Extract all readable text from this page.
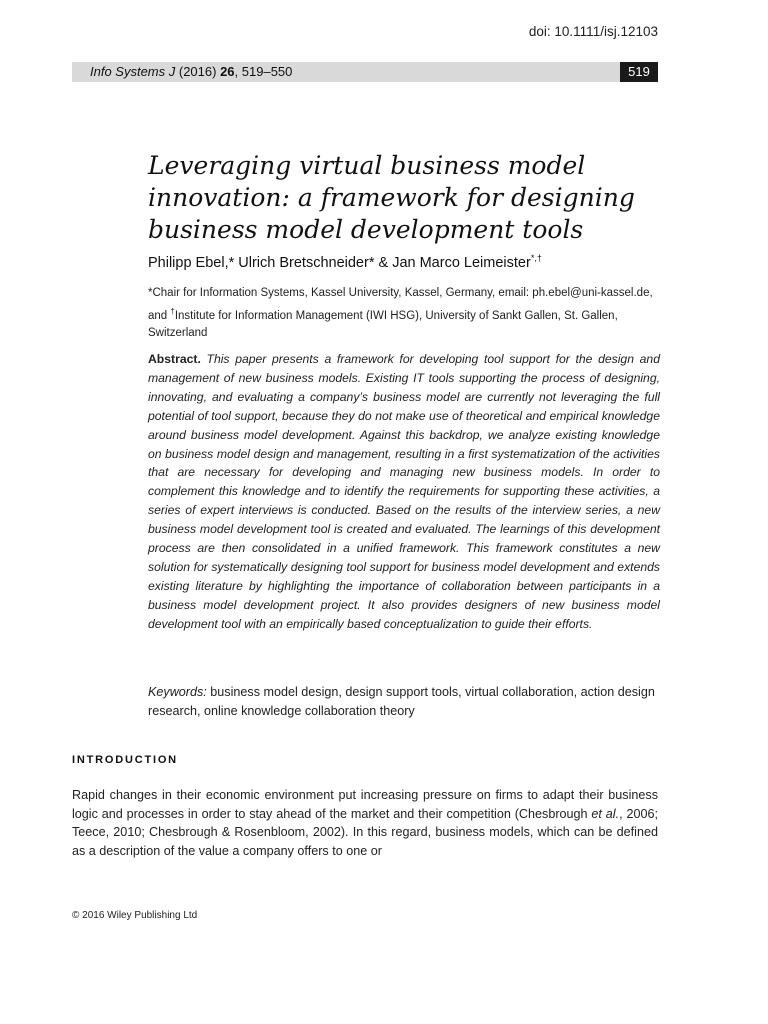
doi: 10.1111/isj.12103
Info Systems J (2016) 26, 519–550	519
Leveraging virtual business model
innovation: a framework for designing
business model development tools
Philipp Ebel,* Ulrich Bretschneider* & Jan Marco Leimeister*,†
*Chair for Information Systems, Kassel University, Kassel, Germany, email: ph.ebel@uni-kassel.de, and †Institute for Information Management (IWI HSG), University of Sankt Gallen, St. Gallen, Switzerland

Abstract. This paper presents a framework for developing tool support for the design and management of new business models. Existing IT tools supporting the process of designing, innovating, and evaluating a company’s business model are currently not leveraging the full potential of tool support, because they do not make use of theoretical and empirical knowledge around business model development. Against this backdrop, we analyze existing knowledge on business model design and management, resulting in a first systematization of the activities that are necessary for developing and managing new business models. In order to complement this knowledge and to identify the requirements for supporting these activities, a series of expert interviews is conducted. Based on the results of the interview series, a new business model development tool is created and evaluated. The learnings of this development process are then consolidated in a unified framework. This framework constitutes a new solution for systematically designing tool support for business model development and extends existing literature by highlighting the importance of collaboration between participants in a business model development project. It also provides designers of new business model development tool with an empirically based conceptualization to guide their efforts.

Keywords: business model design, design support tools, virtual collaboration, action design research, online knowledge collaboration theory

INTRODUCTION

Rapid changes in their economic environment put increasing pressure on firms to adapt their business logic and processes in order to stay ahead of the market and their competition (Chesbrough et al., 2006; Teece, 2010; Chesbrough & Rosenbloom, 2002). In this regard, business models, which can be defined as a description of the value a company offers to one or

© 2016 Wiley Publishing Ltd
